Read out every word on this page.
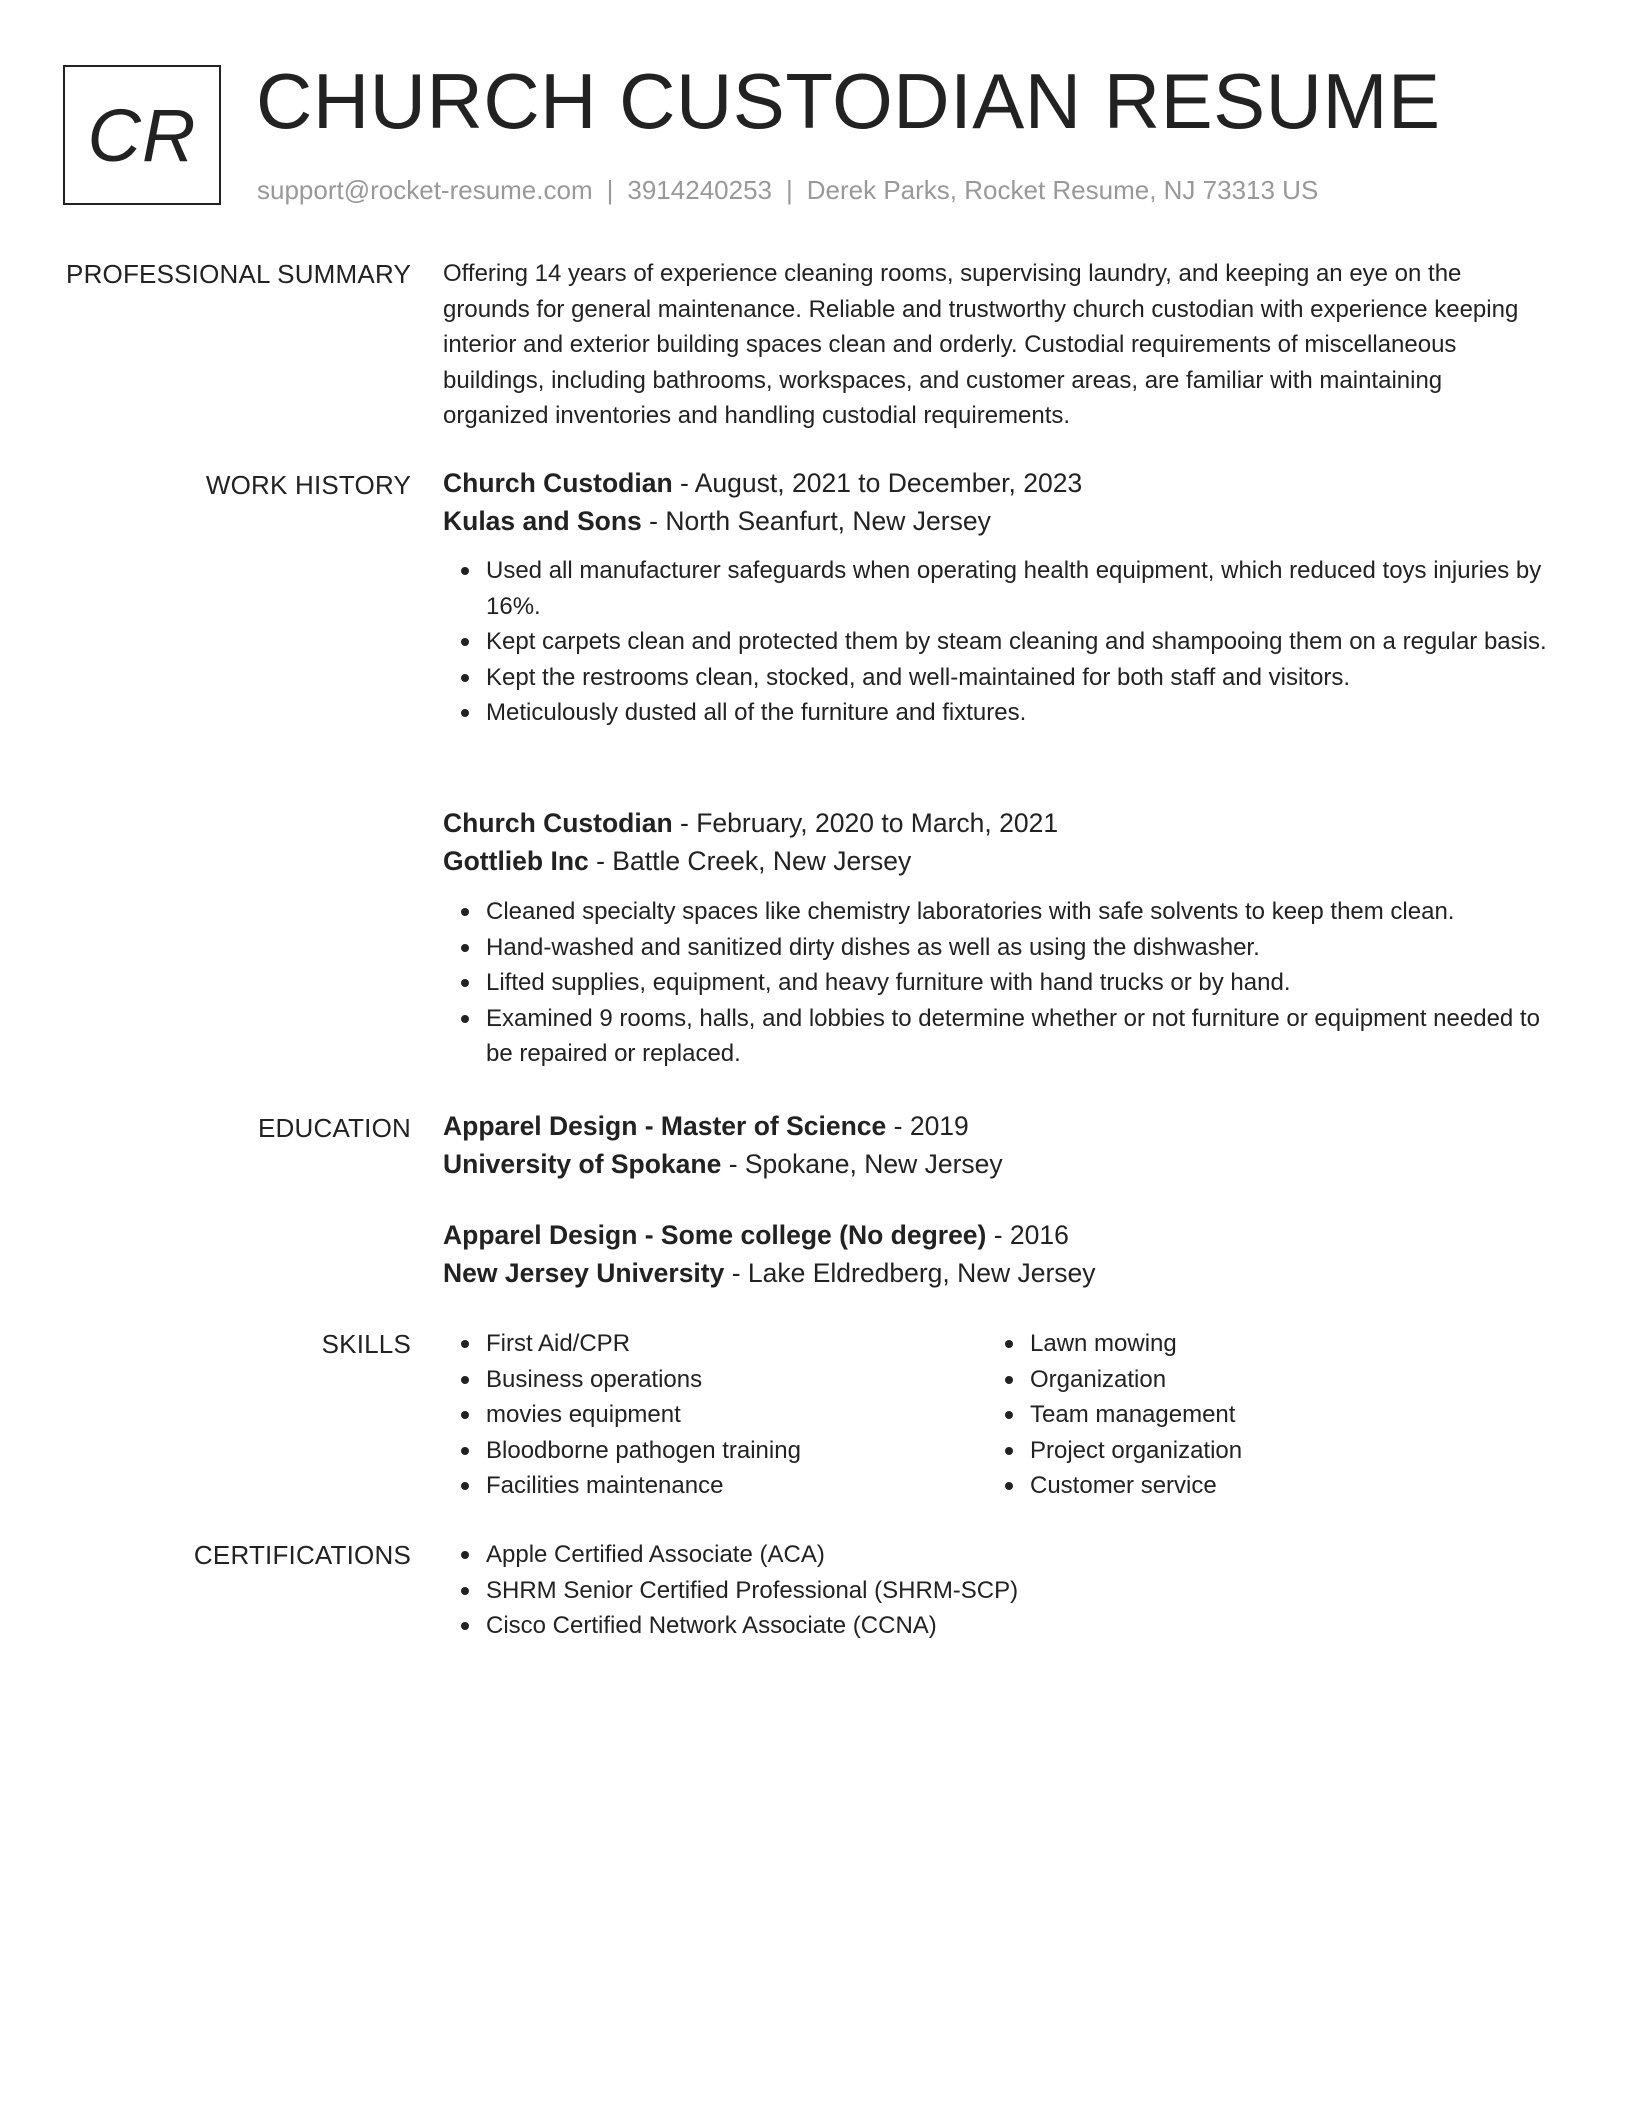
CR CHURCH CUSTODIAN RESUME
support@rocket-resume.com | 3914240253 | Derek Parks, Rocket Resume, NJ 73313 US
PROFESSIONAL SUMMARY Offering 14 years of experience cleaning rooms, supervising laundry, and keeping an eye on the grounds for general maintenance. Reliable and trustworthy church custodian with experience keeping interior and exterior building spaces clean and orderly. Custodial requirements of miscellaneous buildings, including bathrooms, workspaces, and customer areas, are familiar with maintaining organized inventories and handling custodial requirements.

WORK HISTORY Church Custodian - August, 2021 to December, 2023
Kulas and Sons - North Seanfurt, New Jersey
Used all manufacturer safeguards when operating health equipment, which reduced toys injuries by 16%.
Kept carpets clean and protected them by steam cleaning and shampooing them on a regular basis.
Kept the restrooms clean, stocked, and well-maintained for both staff and visitors.
Meticulously dusted all of the furniture and fixtures.
Church Custodian - February, 2020 to March, 2021
Gottlieb Inc - Battle Creek, New Jersey
Cleaned specialty spaces like chemistry laboratories with safe solvents to keep them clean.
Hand-washed and sanitized dirty dishes as well as using the dishwasher.
Lifted supplies, equipment, and heavy furniture with hand trucks or by hand.
Examined 9 rooms, halls, and lobbies to determine whether or not furniture or equipment needed to be repaired or replaced.
EDUCATION Apparel Design - Master of Science - 2019
University of Spokane - Spokane, New Jersey
Apparel Design - Some college (No degree) - 2016
New Jersey University - Lake Eldredberg, New Jersey
SKILLS	First Aid/CPR
Business operations
movies equipment
Bloodborne pathogen training
Facilities maintenance
Lawn mowing
Organization
Team management
Project organization
Customer service
CERTIFICATIONS	Apple Certified Associate (ACA)
SHRM Senior Certified Professional (SHRM-SCP)
Cisco Certified Network Associate (CCNA)
